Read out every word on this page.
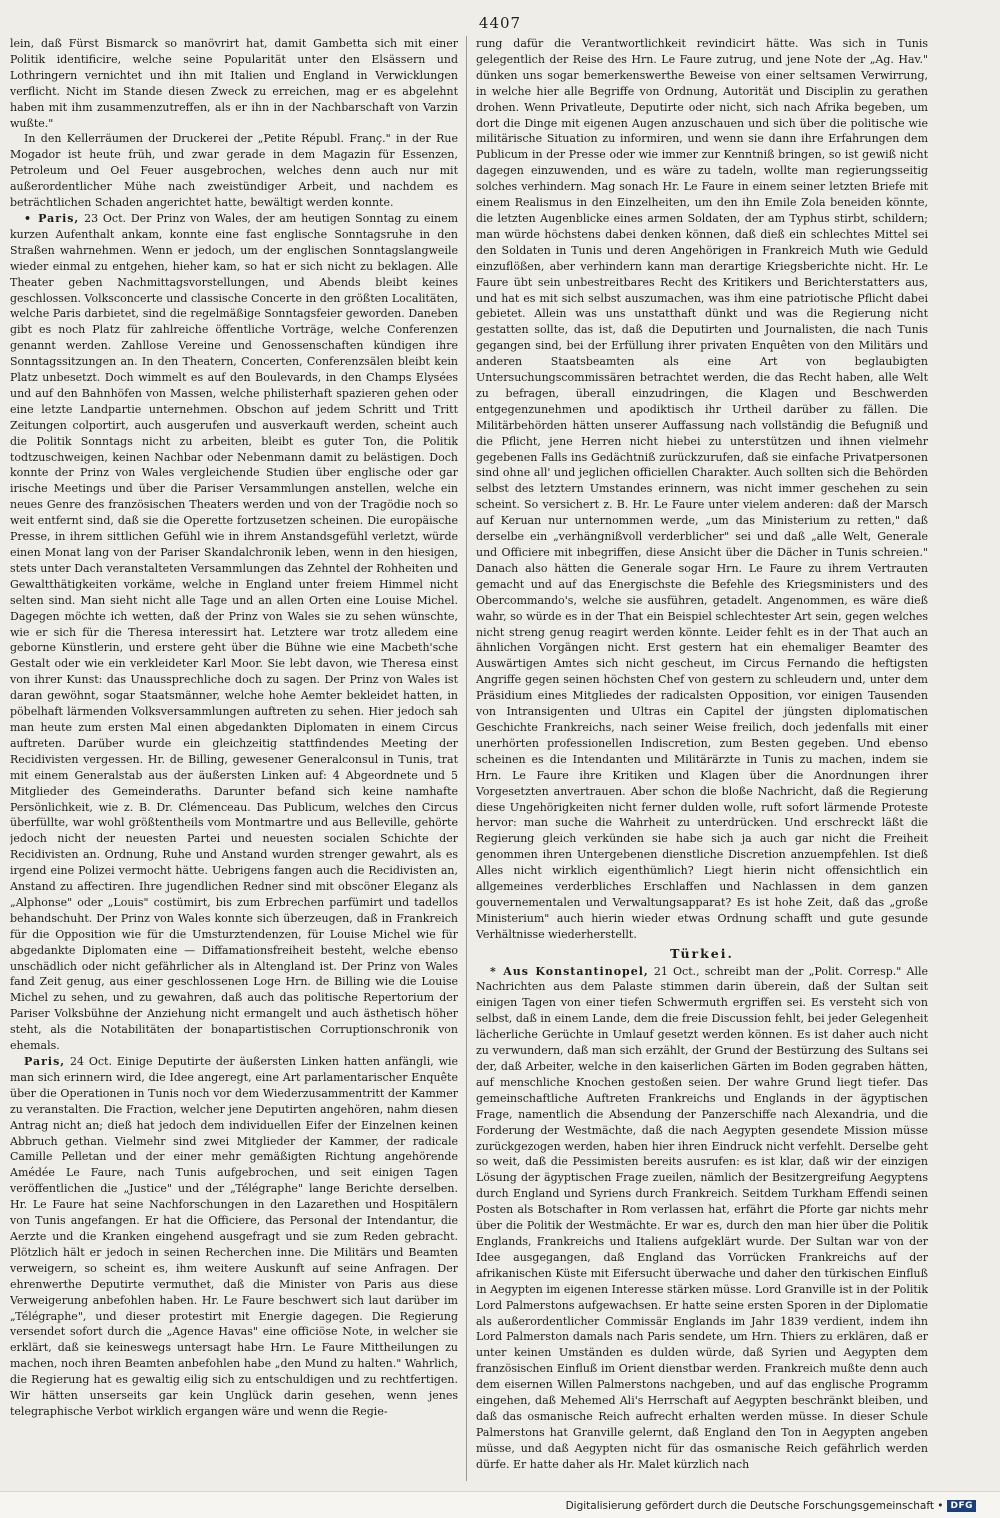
4407

lein, daß Fürst Bismarck so manövrirt hat, damit Gambetta sich mit einer Politik identificire, welche seine Popularität unter den Elsässern und Lothringern vernichtet und ihn mit Italien und England in Verwicklungen verflicht. Nicht im Stande diesen Zweck zu erreichen, mag er es abgelehnt haben mit ihm zusammenzutreffen, als er ihn in der Nachbarschaft von Varzin wußte."

In den Kellerräumen der Druckerei der „Petite Républ. Franç." in der Rue Mogador ist heute früh, und zwar gerade in dem Magazin für Essenzen, Petroleum und Oel Feuer ausgebrochen, welches denn auch nur mit außerordentlicher Mühe nach zweistündiger Arbeit, und nachdem es beträchtlichen Schaden angerichtet hatte, bewältigt werden konnte.

• Paris, 23 Oct. Der Prinz von Wales, der am heutigen Sonntag zu einem kurzen Aufenthalt ankam, konnte eine fast englische Sonntagsruhe in den Straßen wahrnehmen. Wenn er jedoch, um der englischen Sonntagslangweile wieder einmal zu entgehen, hieher kam, so hat er sich nicht zu beklagen. Alle Theater geben Nachmittagsvorstellungen, und Abends bleibt keines geschlossen. Volksconcerte und classische Concerte in den größten Localitäten, welche Paris darbietet, sind die regelmäßige Sonntagsfeier geworden. Daneben gibt es noch Platz für zahlreiche öffentliche Vorträge, welche Conferenzen genannt werden. Zahllose Vereine und Genossenschaften kündigen ihre Sonntagssitzungen an. In den Theatern, Concerten, Conferenzsälen bleibt kein Platz unbesetzt. Doch wimmelt es auf den Boulevards, in den Champs Elysées und auf den Bahnhöfen von Massen, welche philisterhaft spazieren gehen oder eine letzte Landpartie unternehmen. Obschon auf jedem Schritt und Tritt Zeitungen colportirt, auch ausgerufen und ausverkauft werden, scheint auch die Politik Sonntags nicht zu arbeiten, bleibt es guter Ton, die Politik todtzuschweigen, keinen Nachbar oder Nebenmann damit zu belästigen. Doch konnte der Prinz von Wales vergleichende Studien über englische oder gar irische Meetings und über die Pariser Versammlungen anstellen, welche ein neues Genre des französischen Theaters werden und von der Tragödie noch so weit entfernt sind, daß sie die Operette fortzusetzen scheinen. Die europäische Presse, in ihrem sittlichen Gefühl wie in ihrem Anstandsgefühl verletzt, würde einen Monat lang von der Pariser Skandalchronik leben, wenn in den hiesigen, stets unter Dach veranstalteten Versammlungen das Zehntel der Rohheiten und Gewaltthätigkeiten vorkäme, welche in England unter freiem Himmel nicht selten sind. Man sieht nicht alle Tage und an allen Orten eine Louise Michel. Dagegen möchte ich wetten, daß der Prinz von Wales sie zu sehen wünschte, wie er sich für die Theresa interessirt hat. Letztere war trotz alledem eine geborne Künstlerin, und erstere geht über die Bühne wie eine Macbeth'sche Gestalt oder wie ein verkleideter Karl Moor. Sie lebt davon, wie Theresa einst von ihrer Kunst: das Unaussprechliche doch zu sagen. Der Prinz von Wales ist daran gewöhnt, sogar Staatsmänner, welche hohe Aemter bekleidet hatten, in pöbelhaft lärmenden Volksversammlungen auftreten zu sehen. Hier jedoch sah man heute zum ersten Mal einen abgedankten Diplomaten in einem Circus auftreten. Darüber wurde ein gleichzeitig stattfindendes Meeting der Recidivisten vergessen. Hr. de Billing, gewesener Generalconsul in Tunis, trat mit einem Generalstab aus der äußersten Linken auf: 4 Abgeordnete und 5 Mitglieder des Gemeinderaths. Darunter befand sich keine namhafte Persönlichkeit, wie z. B. Dr. Clémenceau. Das Publicum, welches den Circus überfüllte, war wohl größtentheils vom Montmartre und aus Belleville, gehörte jedoch nicht der neuesten Partei und neuesten socialen Schichte der Recidivisten an. Ordnung, Ruhe und Anstand wurden strenger gewahrt, als es irgend eine Polizei vermocht hätte. Uebrigens fangen auch die Recidivisten an, Anstand zu affectiren. Ihre jugendlichen Redner sind mit obscöner Eleganz als „Alphonse" oder „Louis" costümirt, bis zum Erbrechen parfümirt und tadellos behandschuht. Der Prinz von Wales konnte sich überzeugen, daß in Frankreich für die Opposition wie für die Umsturztendenzen, für Louise Michel wie für abgedankte Diplomaten eine — Diffamationsfreiheit besteht, welche ebenso unschädlich oder nicht gefährlicher als in Altengland ist. Der Prinz von Wales fand Zeit genug, aus einer geschlossenen Loge Hrn. de Billing wie die Louise Michel zu sehen, und zu gewahren, daß auch das politische Repertorium der Pariser Volksbühne der Anziehung nicht ermangelt und auch ästhetisch höher steht, als die Notabilitäten der bonapartistischen Corruptionschronik von ehemals.

Paris, 24 Oct. Einige Deputirte der äußersten Linken hatten anfängli, wie man sich erinnern wird, die Idee angeregt, eine Art parlamentarischer Enquête über die Operationen in Tunis noch vor dem Wiederzusammentritt der Kammer zu veranstalten. Die Fraction, welcher jene Deputirten angehören, nahm diesen Antrag nicht an; dieß hat jedoch dem individuellen Eifer der Einzelnen keinen Abbruch gethan. Vielmehr sind zwei Mitglieder der Kammer, der radicale Camille Pelletan und der einer mehr gemäßigten Richtung angehörende Amédée Le Faure, nach Tunis aufgebrochen, und seit einigen Tagen veröffentlichen die „Justice" und der „Télégraphe" lange Berichte derselben. Hr. Le Faure hat seine Nachforschungen in den Lazarethen und Hospitälern von Tunis angefangen. Er hat die Officiere, das Personal der Intendantur, die Aerzte und die Kranken eingehend ausgefragt und sie zum Reden gebracht. Plötzlich hält er jedoch in seinen Recherchen inne. Die Militärs und Beamten verweigern, so scheint es, ihm weitere Auskunft auf seine Anfragen. Der ehrenwerthe Deputirte vermuthet, daß die Minister von Paris aus diese Verweigerung anbefohlen haben. Hr. Le Faure beschwert sich laut darüber im „Télégraphe", und dieser protestirt mit Energie dagegen. Die Regierung versendet sofort durch die „Agence Havas" eine officiöse Note, in welcher sie erklärt, daß sie keineswegs untersagt habe Hrn. Le Faure Mittheilungen zu machen, noch ihren Beamten anbefohlen habe „den Mund zu halten." Wahrlich, die Regierung hat es gewaltig eilig sich zu entschuldigen und zu rechtfertigen. Wir hätten unserseits gar kein Unglück darin gesehen, wenn jenes telegraphische Verbot wirklich ergangen wäre und wenn die Regie-

rung dafür die Verantwortlichkeit revindicirt hätte. Was sich in Tunis gelegentlich der Reise des Hrn. Le Faure zutrug, und jene Note der „Ag. Hav." dünken uns sogar bemerkenswerthe Beweise von einer seltsamen Verwirrung, in welche hier alle Begriffe von Ordnung, Autorität und Disciplin zu gerathen drohen. Wenn Privatleute, Deputirte oder nicht, sich nach Afrika begeben, um dort die Dinge mit eigenen Augen anzuschauen und sich über die politische wie militärische Situation zu informiren, und wenn sie dann ihre Erfahrungen dem Publicum in der Presse oder wie immer zur Kenntniß bringen, so ist gewiß nicht dagegen einzuwenden, und es wäre zu tadeln, wollte man regierungsseitig solches verhindern. Mag sonach Hr. Le Faure in einem seiner letzten Briefe mit einem Realismus in den Einzelheiten, um den ihn Emile Zola beneiden könnte, die letzten Augenblicke eines armen Soldaten, der am Typhus stirbt, schildern; man würde höchstens dabei denken können, daß dieß ein schlechtes Mittel sei den Soldaten in Tunis und deren Angehörigen in Frankreich Muth wie Geduld einzuflößen, aber verhindern kann man derartige Kriegsberichte nicht. Hr. Le Faure übt sein unbestreitbares Recht des Kritikers und Berichterstatters aus, und hat es mit sich selbst auszumachen, was ihm eine patriotische Pflicht dabei gebietet. Allein was uns unstatthaft dünkt und was die Regierung nicht gestatten sollte, das ist, daß die Deputirten und Journalisten, die nach Tunis gegangen sind, bei der Erfüllung ihrer privaten Enquêten von den Militärs und anderen Staatsbeamten als eine Art von beglaubigten Untersuchungscommissären betrachtet werden, die das Recht haben, alle Welt zu befragen, überall einzudringen, die Klagen und Beschwerden entgegenzunehmen und apodiktisch ihr Urtheil darüber zu fällen. Die Militärbehörden hätten unserer Auffassung nach vollständig die Befugniß und die Pflicht, jene Herren nicht hiebei zu unterstützen und ihnen vielmehr gegebenen Falls ins Gedächtniß zurückzurufen, daß sie einfache Privatpersonen sind ohne all' und jeglichen officiellen Charakter. Auch sollten sich die Behörden selbst des letztern Umstandes erinnern, was nicht immer geschehen zu sein scheint. So versichert z. B. Hr. Le Faure unter vielem anderen: daß der Marsch auf Keruan nur unternommen werde, „um das Ministerium zu retten," daß derselbe ein „verhängnißvoll verderblicher" sei und daß „alle Welt, Generale und Officiere mit inbegriffen, diese Ansicht über die Dächer in Tunis schreien." Danach also hätten die Generale sogar Hrn. Le Faure zu ihrem Vertrauten gemacht und auf das Energischste die Befehle des Kriegsministers und des Obercommando's, welche sie ausführen, getadelt. Angenommen, es wäre dieß wahr, so würde es in der That ein Beispiel schlechtester Art sein, gegen welches nicht streng genug reagirt werden könnte. Leider fehlt es in der That auch an ähnlichen Vorgängen nicht. Erst gestern hat ein ehemaliger Beamter des Auswärtigen Amtes sich nicht gescheut, im Circus Fernando die heftigsten Angriffe gegen seinen höchsten Chef von gestern zu schleudern und, unter dem Präsidium eines Mitgliedes der radicalsten Opposition, vor einigen Tausenden von Intransigenten und Ultras ein Capitel der jüngsten diplomatischen Geschichte Frankreichs, nach seiner Weise freilich, doch jedenfalls mit einer unerhörten professionellen Indiscretion, zum Besten gegeben. Und ebenso scheinen es die Intendanten und Militärärzte in Tunis zu machen, indem sie Hrn. Le Faure ihre Kritiken und Klagen über die Anordnungen ihrer Vorgesetzten anvertrauen. Aber schon die bloße Nachricht, daß die Regierung diese Ungehörigkeiten nicht ferner dulden wolle, ruft sofort lärmende Proteste hervor: man suche die Wahrheit zu unterdrücken. Und erschreckt läßt die Regierung gleich verkünden sie habe sich ja auch gar nicht die Freiheit genommen ihren Untergebenen dienstliche Discretion anzuempfehlen. Ist dieß Alles nicht wirklich eigenthümlich? Liegt hierin nicht offensichtlich ein allgemeines verderbliches Erschlaffen und Nachlassen in dem ganzen gouvernementalen und Verwaltungsapparat? Es ist hohe Zeit, daß das „große Ministerium" auch hierin wieder etwas Ordnung schafft und gute gesunde Verhältnisse wiederherstellt.

Türkei.

* Aus Konstantinopel, 21 Oct., schreibt man der „Polit. Corresp." Alle Nachrichten aus dem Palaste stimmen darin überein, daß der Sultan seit einigen Tagen von einer tiefen Schwermuth ergriffen sei. Es versteht sich von selbst, daß in einem Lande, dem die freie Discussion fehlt, bei jeder Gelegenheit lächerliche Gerüchte in Umlauf gesetzt werden können. Es ist daher auch nicht zu verwundern, daß man sich erzählt, der Grund der Bestürzung des Sultans sei der, daß Arbeiter, welche in den kaiserlichen Gärten im Boden gegraben hätten, auf menschliche Knochen gestoßen seien. Der wahre Grund liegt tiefer. Das gemeinschaftliche Auftreten Frankreichs und Englands in der ägyptischen Frage, namentlich die Absendung der Panzerschiffe nach Alexandria, und die Forderung der Westmächte, daß die nach Aegypten gesendete Mission müsse zurückgezogen werden, haben hier ihren Eindruck nicht verfehlt. Derselbe geht so weit, daß die Pessimisten bereits ausrufen: es ist klar, daß wir der einzigen Lösung der ägyptischen Frage zueilen, nämlich der Besitzergreifung Aegyptens durch England und Syriens durch Frankreich. Seitdem Turkham Effendi seinen Posten als Botschafter in Rom verlassen hat, erfährt die Pforte gar nichts mehr über die Politik der Westmächte. Er war es, durch den man hier über die Politik Englands, Frankreichs und Italiens aufgeklärt wurde. Der Sultan war von der Idee ausgegangen, daß England das Vorrücken Frankreichs auf der afrikanischen Küste mit Eifersucht überwache und daher den türkischen Einfluß in Aegypten im eigenen Interesse stärken müsse. Lord Granville ist in der Politik Lord Palmerstons aufgewachsen. Er hatte seine ersten Sporen in der Diplomatie als außerordentlicher Commissär Englands im Jahr 1839 verdient, indem ihn Lord Palmerston damals nach Paris sendete, um Hrn. Thiers zu erklären, daß er unter keinen Umständen es dulden würde, daß Syrien und Aegypten dem französischen Einfluß im Orient dienstbar werden. Frankreich mußte denn auch dem eisernen Willen Palmerstons nachgeben, und auf das englische Programm eingehen, daß Mehemed Ali's Herrschaft auf Aegypten beschränkt bleiben, und daß das osmanische Reich aufrecht erhalten werden müsse. In dieser Schule Palmerstons hat Granville gelernt, daß England den Ton in Aegypten angeben müsse, und daß Aegypten nicht für das osmanische Reich gefährlich werden dürfe. Er hatte daher als Hr. Malet kürzlich nach

Digitalisierung gefördert durch die Deutsche Forschungsgemeinschaft • DFG
